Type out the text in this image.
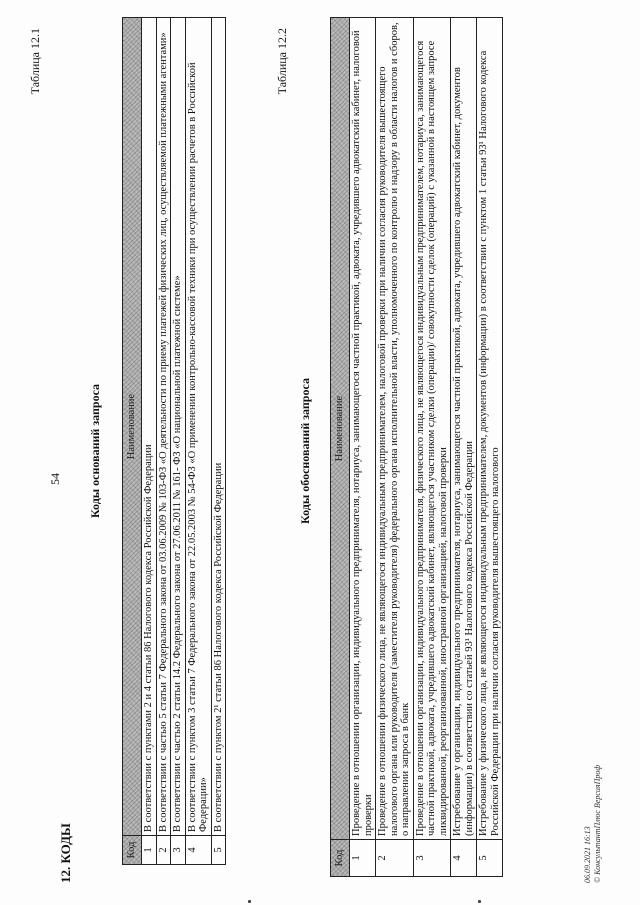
54
12. КОДЫ
Таблица 12.1
Коды оснований запроса
Код	Наименование
1	В соответствии с пунктами 2 и 4 статьи 86 Налогового кодекса Российской Федерации
2	В соответствии с частью 5 статьи 7 Федерального закона от 03.06.2009 № 103-ФЗ «О деятельности по приему платежей физических лиц, осуществляемой платежными агентами»
3	В соответствии с частью 2 статьи 14.2 Федерального закона от 27.06.2011 № 161- ФЗ «О национальной платежной системе»
4	В соответствии с пунктом 3 статьи 7 Федерального закона от 22.05.2003 № 54-ФЗ «О применении контрольно-кассовой техники при осуществлении расчетов в Российской Федерации»
5	В соответствии с пунктом 2¹ статьи 86 Налогового кодекса Российской Федерации
Таблица 12.2
Коды обоснований запроса
Код	Наименование
1	Проведение в отношении организации, индивидуального предпринимателя, нотариуса, занимающегося частной практикой, адвоката, учредившего адвокатский кабинет, налоговой проверки
2	Проведение в отношении физического лица, не являющегося индивидуальным предпринимателем, налоговой проверки при наличии согласия руководителя вышестоящего налогового органа или руководителя (заместителя руководителя) федерального органа исполнительной власти, уполномоченного по контролю и надзору в области налогов и сборов, о направлении запроса в банк
3	Проведение в отношении организации, индивидуального предпринимателя, физического лица, не являющегося индивидуальным предпринимателем, нотариуса, занимающегося частной практикой, адвоката, учредившего адвокатский кабинет, являющегося участником сделки (операции)/ совокупности сделок (операций) с указанной в настоящем запросе ликвидированной, реорганизованной, иностранной организацией, налоговой проверки
4	Истребование у организации, индивидуального предпринимателя, нотариуса, занимающегося частной практикой, адвоката, учредившего адвокатский кабинет, документов (информации) в соответствии со статьей 93¹ Налогового кодекса Российской Федерации
5	Истребование у физического лица, не являющегося индивидуальным предпринимателем, документов (информации) в соответствии с пунктом 1 статьи 93¹ Налогового кодекса Российской Федерации при наличии согласия руководителя вышестоящего налогового
06.09.2021 16:13 © КонсультантПлюс ВерсияПроф
